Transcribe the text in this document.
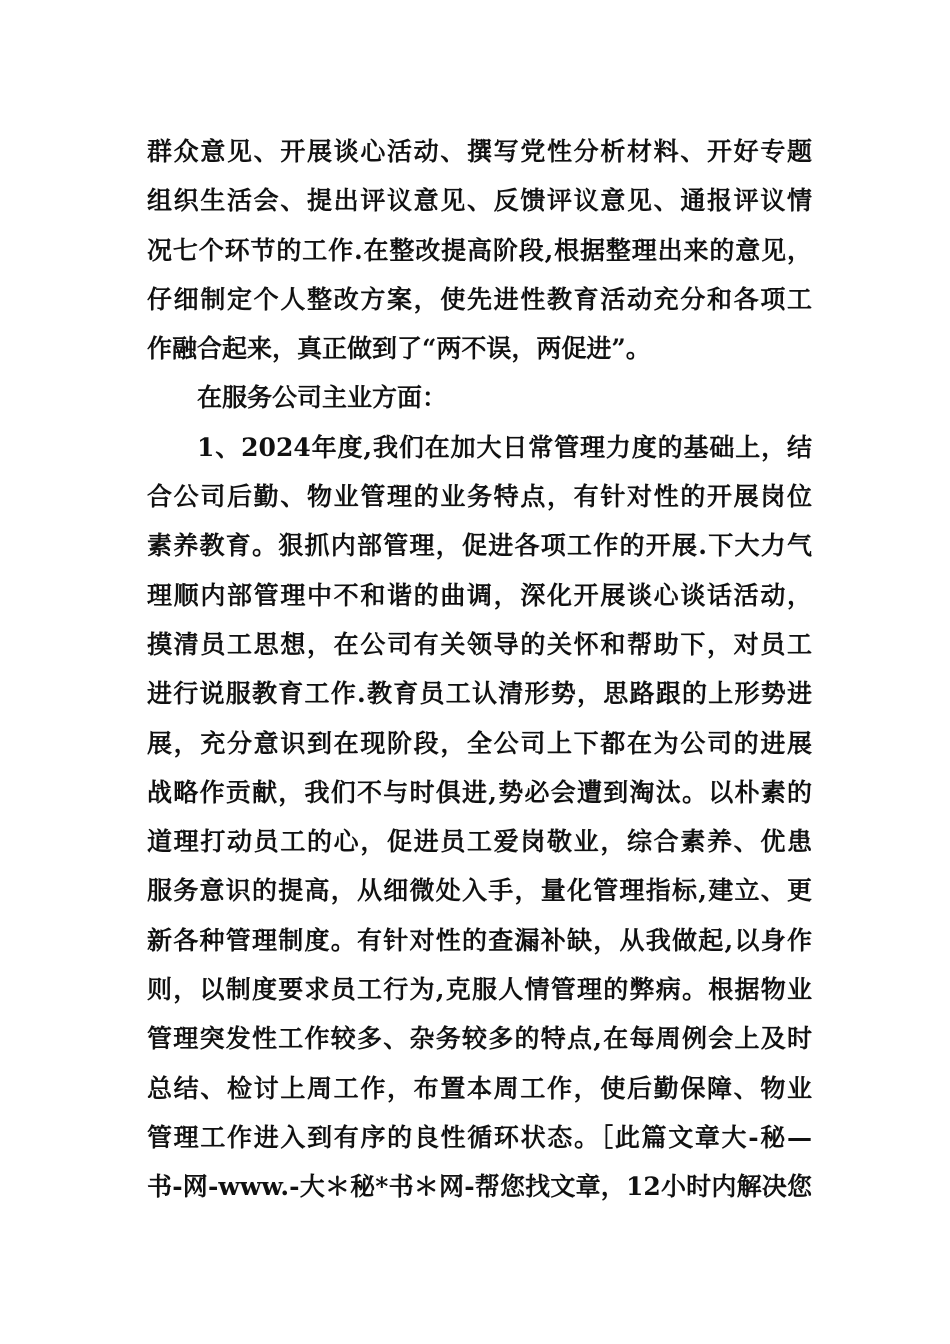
群众意见、开展谈心活动、撰写党性分析材料、开好专题
组织生活会、提出评议意见、反馈评议意见、通报评议情
况七个环节的工作.在整改提高阶段,根据整理出来的意见，
仔细制定个人整改方案，使先进性教育活动充分和各项工
作融合起来，真正做到了“两不误，两促进”。
在服务公司主业方面：
1、2024年度,我们在加大日常管理力度的基础上，结
合公司后勤、物业管理的业务特点，有针对性的开展岗位
素养教育。狠抓内部管理，促进各项工作的开展.下大力气
理顺内部管理中不和谐的曲调，深化开展谈心谈话活动，
摸清员工思想，在公司有关领导的关怀和帮助下，对员工
进行说服教育工作.教育员工认清形势，思路跟的上形势进
展，充分意识到在现阶段，全公司上下都在为公司的进展
战略作贡献，我们不与时俱进,势必会遭到淘汰。以朴素的
道理打动员工的心，促进员工爱岗敬业，综合素养、优患
服务意识的提高，从细微处入手，量化管理指标,建立、更
新各种管理制度。有针对性的查漏补缺，从我做起,以身作
则，以制度要求员工行为,克服人情管理的弊病。根据物业
管理突发性工作较多、杂务较多的特点,在每周例会上及时
总结、检讨上周工作，布置本周工作，使后勤保障、物业
管理工作进入到有序的良性循环状态。［此篇文章大-秘—
书-网-www.-大＊秘*书＊网-帮您找文章，12小时内解决您
